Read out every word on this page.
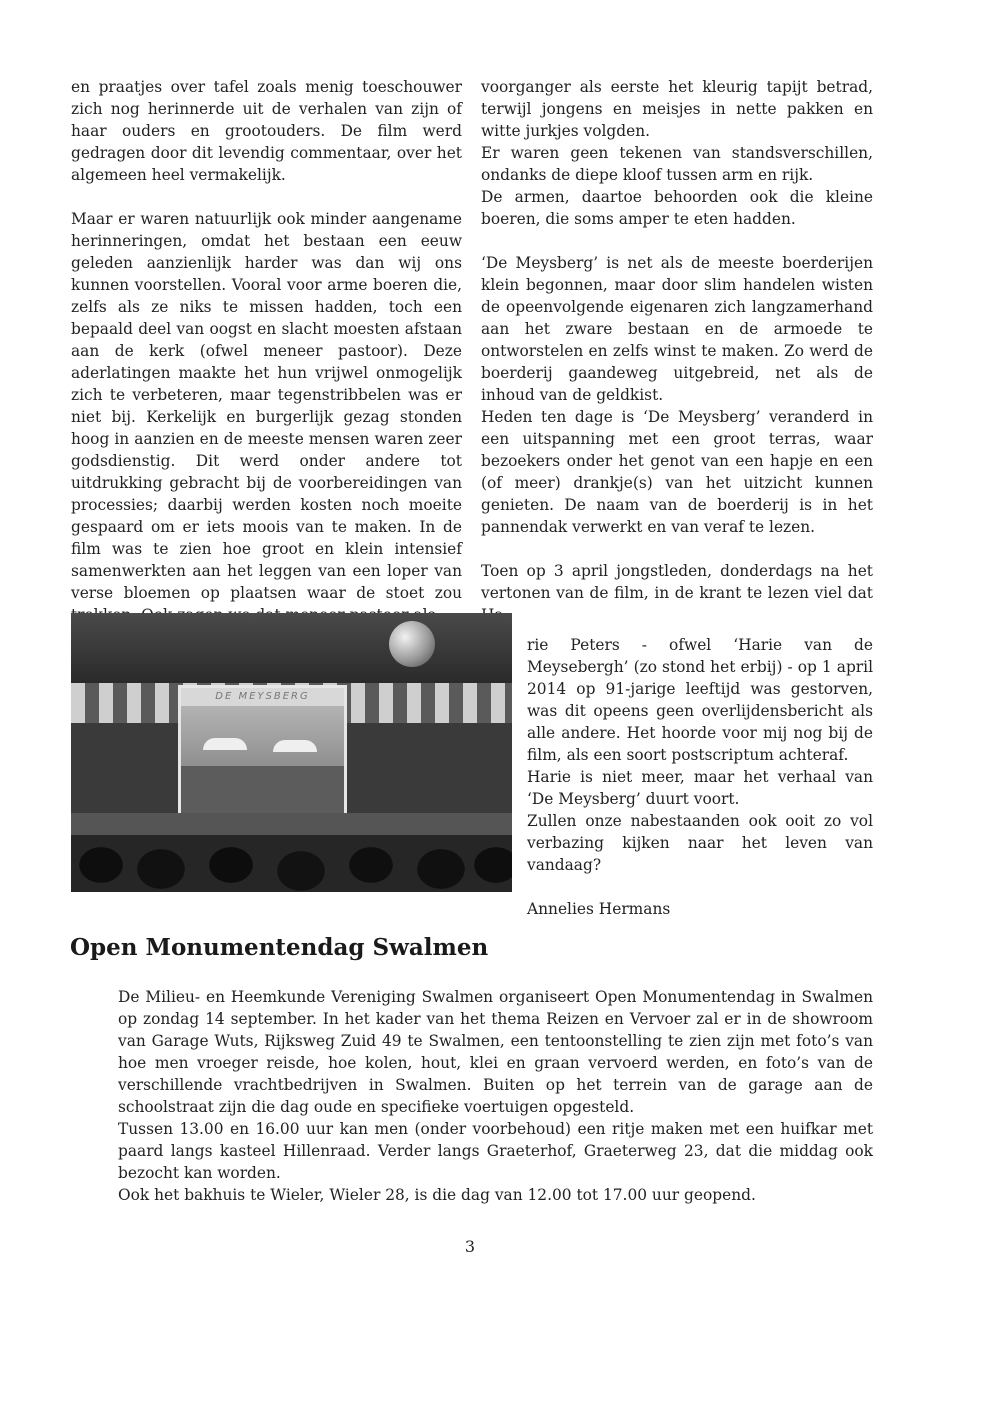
en praatjes over tafel zoals menig toeschouwer zich nog herinnerde uit de verhalen van zijn of haar ouders en grootouders. De film werd gedragen door dit levendig commentaar, over het algemeen heel vermakelijk.

Maar er waren natuurlijk ook minder aangename herinneringen, omdat het bestaan een eeuw geleden aanzienlijk harder was dan wij ons kunnen voorstellen. Vooral voor arme boeren die, zelfs als ze niks te missen hadden, toch een bepaald deel van oogst en slacht moesten afstaan aan de kerk (ofwel meneer pastoor). Deze aderlatingen maakte het hun vrijwel onmogelijk zich te verbeteren, maar tegenstribbelen was er niet bij. Kerkelijk en burgerlijk gezag stonden hoog in aanzien en de meeste mensen waren zeer godsdienstig. Dit werd onder andere tot uitdrukking gebracht bij de voorbereidingen van processies; daarbij werden kosten noch moeite gespaard om er iets moois van te maken. In de film was te zien hoe groot en klein intensief samenwerkten aan het leggen van een loper van verse bloemen op plaatsen waar de stoet zou

voorganger als eerste het kleurig tapijt betrad, terwijl jongens en meisjes in nette pakken en witte jurkjes volgden.

Er waren geen tekenen van standsverschillen, ondanks de diepe kloof tussen arm en rijk.

De armen, daartoe behoorden ook die kleine boeren, die soms amper te eten hadden.

‘De Meysberg’ is net als de meeste boerderijen klein begonnen, maar door slim handelen wisten de opeenvolgende eigenaren zich langzamerhand aan het zware bestaan en de armoede te ontworstelen en zelfs winst te maken. Zo werd de boerderij gaandeweg uitgebreid, net als de inhoud van de geldkist.

Heden ten dage is ‘De Meysberg’ veranderd in een uitspanning met een groot terras, waar bezoekers onder het genot van een hapje en een (of meer) drankje(s) van het uitzicht kunnen genieten. De naam van de boerderij is in het pannendak verwerkt en van veraf te lezen.

Toen op 3 april jongstleden, donderdags na het vertonen van de film, in de krant te lezen viel dat

DE MEYSBERG

rie Peters - ofwel ‘Harie van de Meysebergh’ (zo stond het erbij) - op 1 april 2014 op 91-jarige leeftijd was gestorven, was dit opeens geen overlijdensbericht als alle andere. Het hoorde voor mij nog bij de film, als een soort postscriptum achteraf.

Harie is niet meer, maar het verhaal van ‘De Meysberg’ duurt voort.

Zullen onze nabestaanden ook ooit zo vol verbazing kijken naar het leven van vandaag?

Annelies Hermans

Open Monumentendag Swalmen

De Milieu- en Heemkunde Vereniging Swalmen organiseert Open Monumentendag in Swalmen op zondag 14 september. In het kader van het thema Reizen en Vervoer zal er in de showroom van Garage Wuts, Rijksweg Zuid 49 te Swalmen, een tentoonstelling te zien zijn met foto’s van hoe men vroeger reisde, hoe kolen, hout, klei en graan vervoerd werden, en foto’s van de verschillende vrachtbedrijven in Swalmen. Buiten op het terrein van de garage aan de schoolstraat zijn die dag oude en specifieke voertuigen opgesteld.

Tussen 13.00 en 16.00 uur kan men (onder voorbehoud) een ritje maken met een huifkar met paard langs kasteel Hillenraad. Verder langs Graeterhof, Graeterweg 23, dat die middag ook bezocht kan worden.

Ook het bakhuis te Wieler, Wieler 28, is die dag van 12.00 tot 17.00 uur geopend.

3
